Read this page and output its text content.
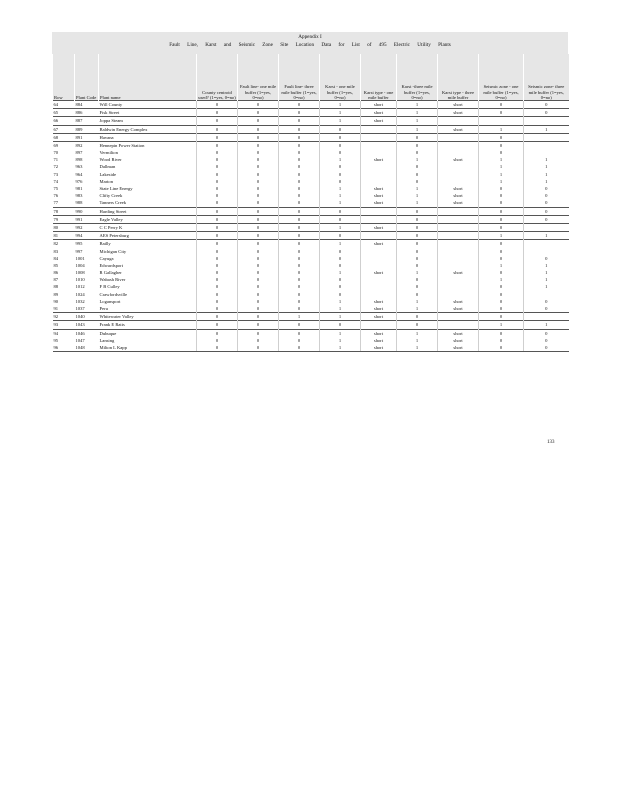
Appendix I
Fault Line, Karst and Seismic Zone Site Location Data for List of 495 Electric Utility Plants
Row	Plant Code	Plant name	County centroid used? (1=yes, 0=no)	Fault line- one mile buffer (1=yes, 0=no)	Fault line- three mile buffer (1=yes, 0=no)	Karst - one mile buffer (1=yes, 0=no)	Karst type - one mile buffer	Karst -three mile buffer (1=yes, 0=no)	Karst type - three mile buffer	Seismic zone - one mile buffer (1=yes, 0=no)	Seismic zone- three mile buffer (1=yes, 0=no)
64	884	Will County	0	0	0	1	short	1	short	0	0
65	886	Fisk Street	0	0	0	1	short	1	short	0	0
66	887	Joppa Steam	0	0	0	1	short	1			
67	889	Baldwin Energy Complex	0	0	0	0		1	short	1	1
68	891	Havana	0	0	0	0		0		0	
69	892	Hennepin Power Station	0	0	0	0		0		0	
70	897	Vermilion	0	0	0	0		0		0	
71	898	Wood River	0	0	0	1	short	1	short	1	1
72	963	Dallman	0	0	0	0		0		1	1
73	964	Lakeside	0	0	0	0		0		1	1
74	976	Marion	0	0	0	0		0		1	1
75	981	State Line Energy	0	0	0	1	short	1	short	0	0
76	983	Clifty Creek	0	0	0	1	short	1	short	0	0
77	988	Tanners Creek	0	0	0	1	short	1	short	0	0
78	990	Harding Street	0	0	0	0		0		0	0
79	991	Eagle Valley	0	0	0	0		0		0	0
80	992	C C Perry K	0	0	0	1	short	0		0	
81	994	AES Petersburg	0	0	0	0		0		1	1
82	995	Bailly	0	0	0	1	short	0		0	
83	997	Michigan City	0	0	0	0		0		0	
84	1001	Cayuga	0	0	0	0		0		0	0
85	1004	Edwardsport	0	0	0	0		0		1	1
86	1008	R Gallagher	0	0	0	1	short	1	short	0	1
87	1010	Wabash River	0	0	0	0		0		1	1
88	1012	F B Culley	0	0	0	0		0		0	1
89	1024	Crawfordsville	0	0	0	0		0		0	
90	1032	Logansport	0	0	0	1	short	1	short	0	0
91	1037	Peru	0	0	0	1	short	1	short	0	0
92	1040	Whitewater Valley	0	0	1	1	short	0		0	
93	1043	Frank E Ratts	0	0	0	0		0		1	1
94	1046	Dubuque	0	0	0	1	short	1	short	0	0
95	1047	Lansing	0	0	0	1	short	1	short	0	0
96	1048	Milton L Kapp	0	0	0	1	short	1	short	0	0
133
